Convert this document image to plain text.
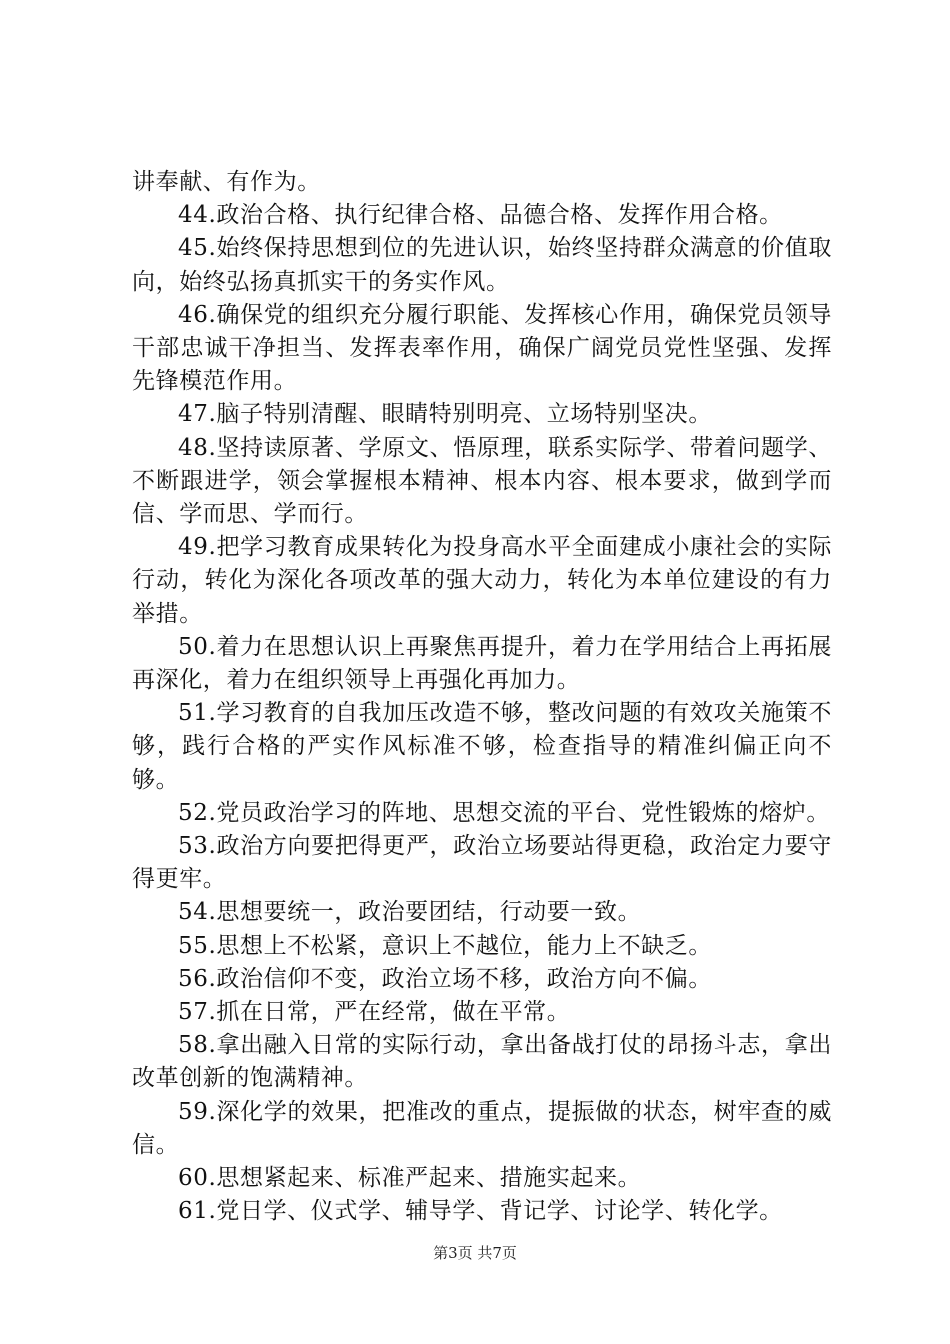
讲奉献、有作为。

44.政治合格、执行纪律合格、品德合格、发挥作用合格。

45.始终保持思想到位的先进认识，始终坚持群众满意的价值取向，始终弘扬真抓实干的务实作风。

46.确保党的组织充分履行职能、发挥核心作用，确保党员领导干部忠诚干净担当、发挥表率作用，确保广阔党员党性坚强、发挥先锋模范作用。

47.脑子特别清醒、眼睛特别明亮、立场特别坚决。

48.坚持读原著、学原文、悟原理，联系实际学、带着问题学、不断跟进学，领会掌握根本精神、根本内容、根本要求，做到学而信、学而思、学而行。

49.把学习教育成果转化为投身高水平全面建成小康社会的实际行动，转化为深化各项改革的强大动力，转化为本单位建设的有力举措。

50.着力在思想认识上再聚焦再提升，着力在学用结合上再拓展再深化，着力在组织领导上再强化再加力。

51.学习教育的自我加压改造不够，整改问题的有效攻关施策不够，践行合格的严实作风标准不够，检查指导的精准纠偏正向不够。

52.党员政治学习的阵地、思想交流的平台、党性锻炼的熔炉。

53.政治方向要把得更严，政治立场要站得更稳，政治定力要守得更牢。

54.思想要统一，政治要团结，行动要一致。

55.思想上不松紧，意识上不越位，能力上不缺乏。

56.政治信仰不变，政治立场不移，政治方向不偏。

57.抓在日常，严在经常，做在平常。

58.拿出融入日常的实际行动，拿出备战打仗的昂扬斗志，拿出改革创新的饱满精神。

59.深化学的效果，把准改的重点，提振做的状态，树牢查的威信。

60.思想紧起来、标准严起来、措施实起来。

61.党日学、仪式学、辅导学、背记学、讨论学、转化学。

第3页 共7页
